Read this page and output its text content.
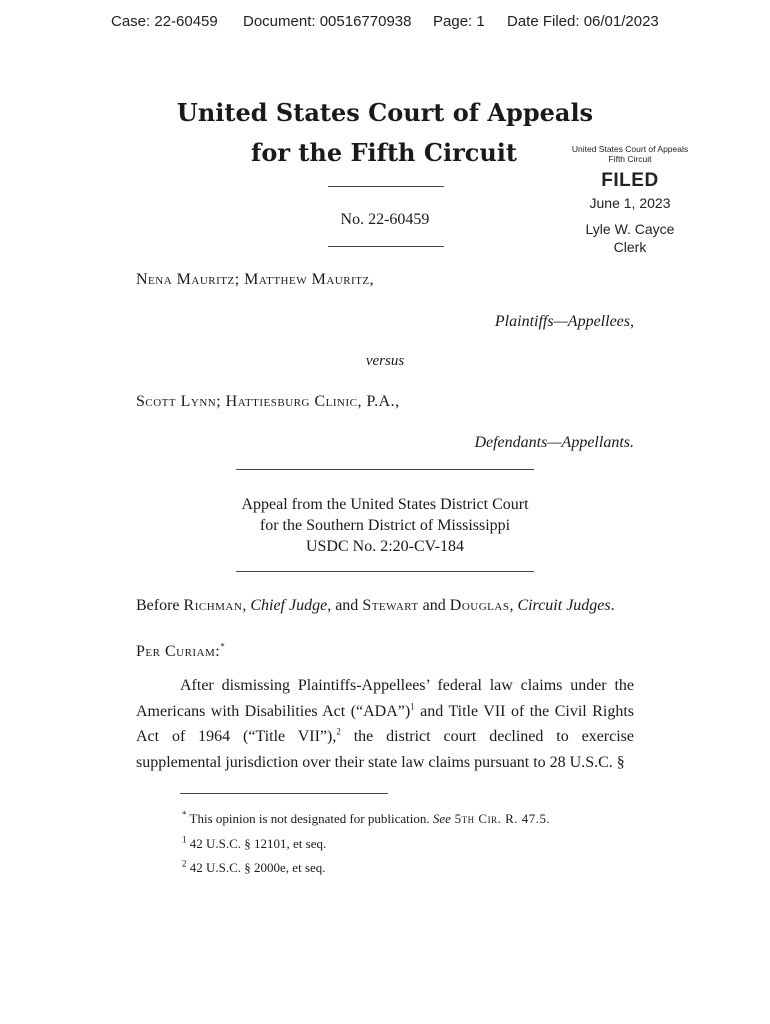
Case: 22-60459 Document: 00516770938 Page: 1 Date Filed: 06/01/2023
United States Court of Appeals
for the Fifth Circuit	United States Court of Appeals
Fifth Circuit
FILED
June 1, 2023
Lyle W. Cayce
Clerk
No. 22-60459
Nena Mauritz; Matthew Mauritz,
Plaintiffs—Appellees,
versus
Scott Lynn; Hattiesburg Clinic, P.A.,
Defendants—Appellants.
Appeal from the United States District Court
for the Southern District of Mississippi
USDC No. 2:20-CV-184
Before Richman, Chief Judge, and Stewart and Douglas, Circuit Judges.
Per Curiam:*
After dismissing Plaintiffs-Appellees’ federal law claims under the Americans with Disabilities Act (“ADA”)$^1$ and Title VII of the Civil Rights Act of 1964 (“Title VII”),$^2$ the district court declined to exercise supplemental jurisdiction over their state law claims pursuant to 28 U.S.C. §
* This opinion is not designated for publication. See 5th Cir. R. 47.5.
$^1$ 42 U.S.C. § 12101, et seq.
$^2$ 42 U.S.C. § 2000e, et seq.
